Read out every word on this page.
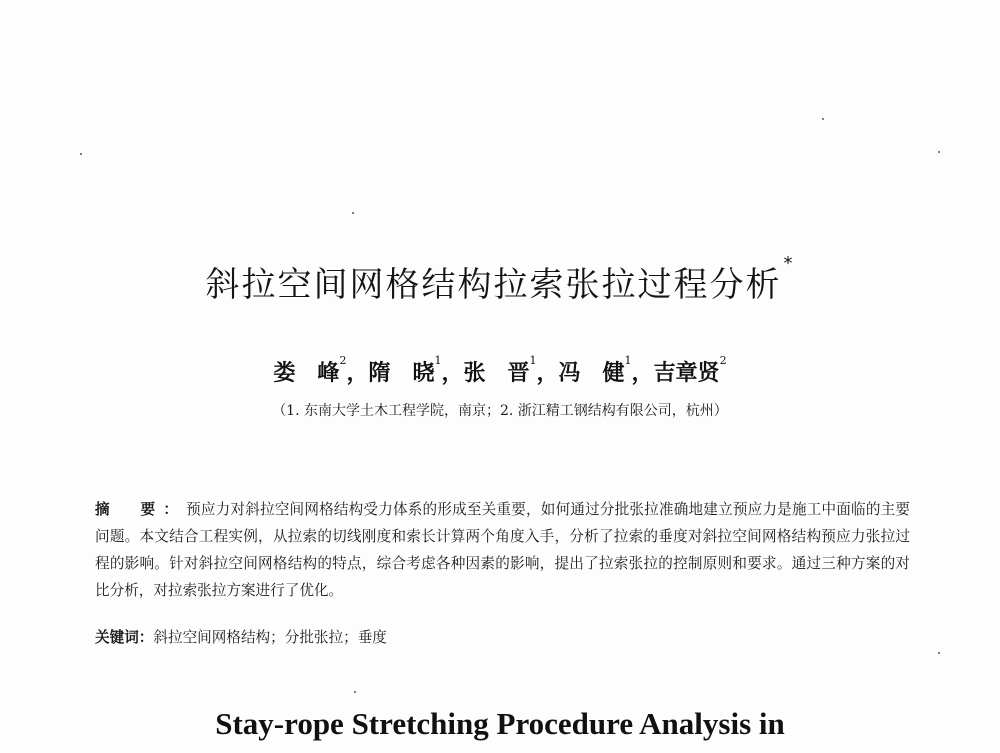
斜拉空间网格结构拉索张拉过程分析*
娄　峰$^2$，隋　晓$^1$，张　晋$^1$，冯　健$^1$，吉章贤$^2$
（1. 东南大学土木工程学院，南京；2. 浙江精工钢结构有限公司，杭州）
摘　要：预应力对斜拉空间网格结构受力体系的形成至关重要，如何通过分批张拉准确地建立预应力是施工中面临的主要问题。本文结合工程实例，从拉索的切线刚度和索长计算两个角度入手，分析了拉索的垂度对斜拉空间网格结构预应力张拉过程的影响。针对斜拉空间网格结构的特点，综合考虑各种因素的影响，提出了拉索张拉的控制原则和要求。通过三种方案的对比分析，对拉索张拉方案进行了优化。
关键词：斜拉空间网格结构；分批张拉；垂度
Stay-rope Stretching Procedure Analysis in
